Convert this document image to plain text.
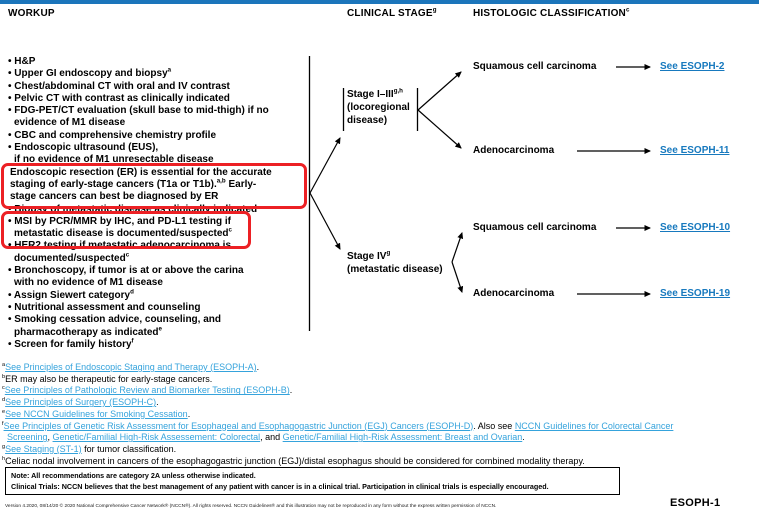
WORKUP	CLINICAL STAGE$^g$	HISTOLOGIC CLASSIFICATION$^c$
• H&P
• Upper GI endoscopy and biopsy$^a$
• Chest/abdominal CT with oral and IV contrast
• Pelvic CT with contrast as clinically indicated
• FDG-PET/CT evaluation (skull base to mid-thigh) if no
evidence of M1 disease
• CBC and comprehensive chemistry profile
• Endoscopic ultrasound (EUS),
if no evidence of M1 unresectable disease
Endoscopic resection (ER) is essential for the accurate
staging of early-stage cancers (T1a or T1b).$^{a,b}$ Early-
stage cancers can best be diagnosed by ER
• Biopsy of metastatic disease as clinically indicated
• MSI by PCR/MMR by IHC, and PD-L1 testing if
metastatic disease is documented/suspected$^c$
• HER2 testing if metastatic adenocarcinoma is
documented/suspected$^c$
• Bronchoscopy, if tumor is at or above the carina
with no evidence of M1 disease
• Assign Siewert category$^d$
• Nutritional assessment and counseling
• Smoking cessation advice, counseling, and
pharmacotherapy as indicated$^e$
• Screen for family history$^f$
Stage I–III$^{g,h}$
(locoregional
disease)
Stage $IV^g$
(metastatic disease)
Squamous cell carcinoma	See ESOPH-2
Adenocarcinoma	See ESOPH-11
Squamous cell carcinoma	See ESOPH-10
Adenocarcinoma	See ESOPH-19
$^a$See Principles of Endoscopic Staging and Therapy (ESOPH-A).
$^b$ER may also be therapeutic for early-stage cancers.
$^c$See Principles of Pathologic Review and Biomarker Testing (ESOPH-B).
$^d$See Principles of Surgery (ESOPH-C).
$^e$See NCCN Guidelines for Smoking Cessation.
$^f$See Principles of Genetic Risk Assessment for Esophageal and Esophagogastric Junction (EGJ) Cancers (ESOPH-D). Also see NCCN Guidelines for Colorectal Cancer
Screening, Genetic/Familial High-Risk Assessement: Colorectal, and Genetic/Familial High-Risk Assessment: Breast and Ovarian.
$^g$See Staging (ST-1) for tumor classification.
$^h$Celiac nodal involvement in cancers of the esophagogastric junction (EGJ)/distal esophagus should be considered for combined modality therapy.
Note: All recommendations are category 2A unless otherwise indicated.
Clinical Trials: NCCN believes that the best management of any patient with cancer is in a clinical trial. Participation in clinical trials is especially encouraged.
ESOPH-1
Version 4.2020, 08/14/20 © 2020 National Comprehensive Cancer Network® (NCCN®). All rights reserved. NCCN Guidelines® and this illustration may not be reproduced in any form without the express written permission of NCCN.
